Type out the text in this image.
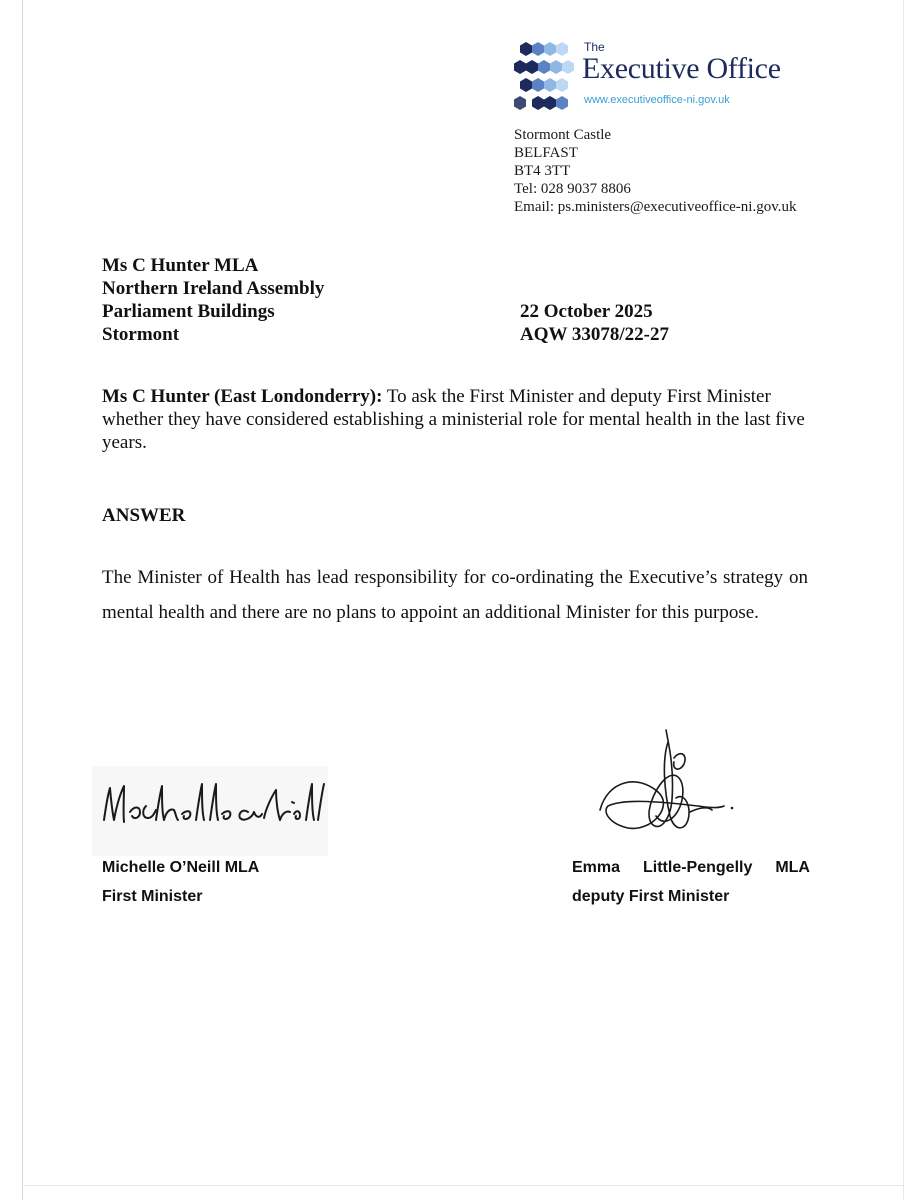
The
Executive Office
www.executiveoffice-ni.gov.uk
Stormont Castle
BELFAST
BT4 3TT
Tel: 028 9037 8806
Email: ps.ministers@executiveoffice-ni.gov.uk
Ms C Hunter MLA
Northern Ireland Assembly
Parliament Buildings
Stormont
22 October 2025
AQW 33078/22-27

Ms C Hunter (East Londonderry): To ask the First Minister and deputy First Minister whether they have considered establishing a ministerial role for mental health in the last five years.

ANSWER

The Minister of Health has lead responsibility for co-ordinating the Executive’s strategy on mental health and there are no plans to appoint an additional Minister for this purpose.

Michelle O’Neill MLA	Emma Little-Pengelly MLA
First Minister	deputy First Minister
